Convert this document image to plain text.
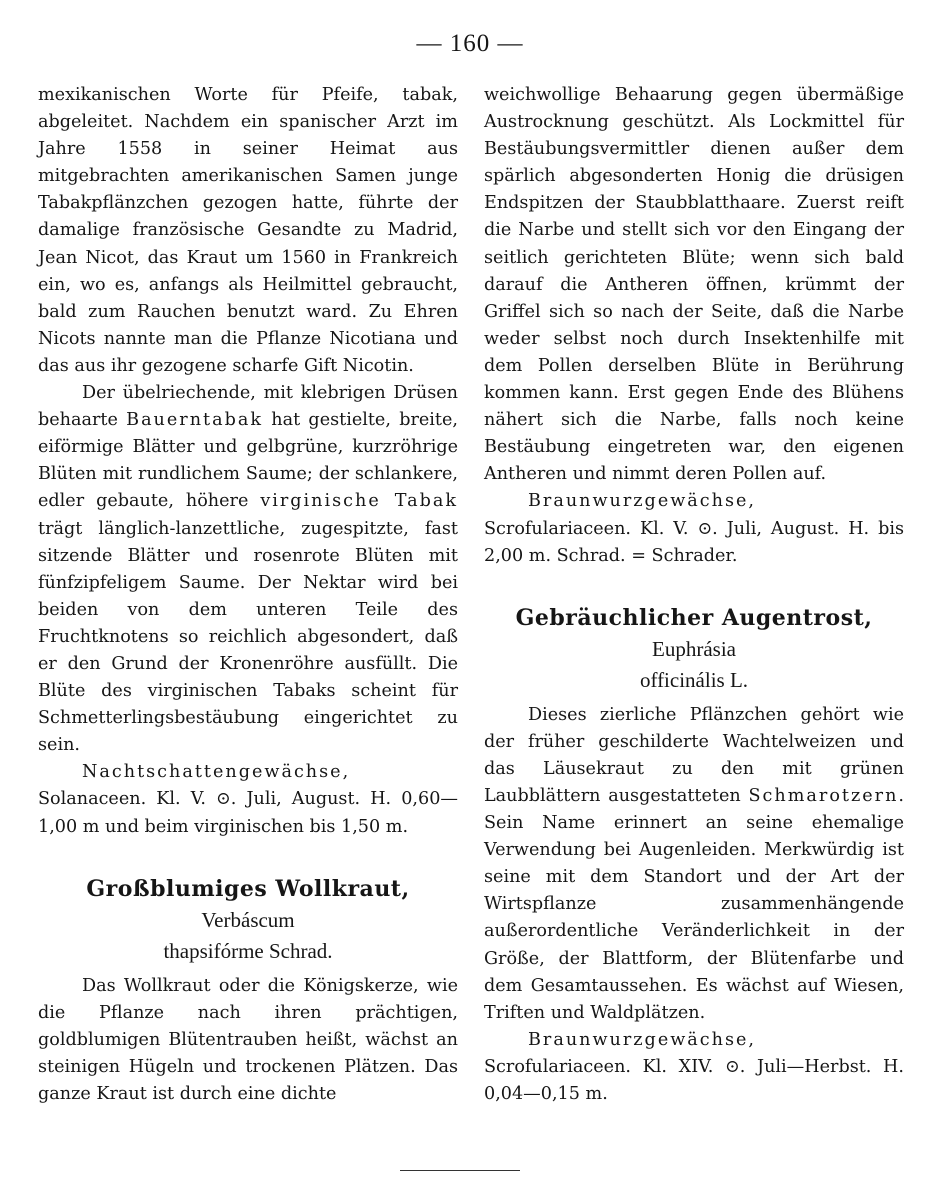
— 160 —

mexikanischen Worte für Pfeife, tabak, abgeleitet. Nachdem ein spanischer Arzt im Jahre 1558 in seiner Heimat aus mitgebrachten amerikanischen Samen junge Tabakpflänzchen gezogen hatte, führte der damalige französische Gesandte zu Madrid, Jean Nicot, das Kraut um 1560 in Frankreich ein, wo es, anfangs als Heilmittel gebraucht, bald zum Rauchen benutzt ward. Zu Ehren Nicots nannte man die Pflanze Nicotiana und das aus ihr gezogene scharfe Gift Nicotin.

Der übelriechende, mit klebrigen Drüsen behaarte Bauerntabak hat gestielte, breite, eiförmige Blätter und gelbgrüne, kurzröhrige Blüten mit rundlichem Saume; der schlankere, edler gebaute, höhere virginische Tabak trägt länglich-lanzettliche, zugespitzte, fast sitzende Blätter und rosenrote Blüten mit fünfzipfeligem Saume. Der Nektar wird bei beiden von dem unteren Teile des Fruchtknotens so reichlich abgesondert, daß er den Grund der Kronenröhre ausfüllt. Die Blüte des virginischen Tabaks scheint für Schmetterlingsbestäubung eingerichtet zu sein.

Nachtschattengewächse, Solanaceen. Kl. V. ⊙. Juli, August. H. 0,60—1,00 m und beim virginischen bis 1,50 m.

Großblumiges Wollkraut, Verbáscum
thapsifórme Schrad.

Das Wollkraut oder die Königskerze, wie die Pflanze nach ihren prächtigen, goldblumigen Blütentrauben heißt, wächst an steinigen Hügeln und trockenen Plätzen. Das ganze Kraut ist durch eine dichte

weichwollige Behaarung gegen übermäßige Austrocknung geschützt. Als Lockmittel für Bestäubungsvermittler dienen außer dem spärlich abgesonderten Honig die drüsigen Endspitzen der Staubblatthaare. Zuerst reift die Narbe und stellt sich vor den Eingang der seitlich gerichteten Blüte; wenn sich bald darauf die Antheren öffnen, krümmt der Griffel sich so nach der Seite, daß die Narbe weder selbst noch durch Insektenhilfe mit dem Pollen derselben Blüte in Berührung kommen kann. Erst gegen Ende des Blühens nähert sich die Narbe, falls noch keine Bestäubung eingetreten war, den eigenen Antheren und nimmt deren Pollen auf.

Braunwurzgewächse, Scrofulariaceen. Kl. V. ⊙. Juli, August. H. bis 2,00 m. Schrad. = Schrader.

Gebräuchlicher Augentrost, Euphrásia
officinális L.

Dieses zierliche Pflänzchen gehört wie der früher geschilderte Wachtelweizen und das Läusekraut zu den mit grünen Laubblättern ausgestatteten Schmarotzern. Sein Name erinnert an seine ehemalige Verwendung bei Augenleiden. Merkwürdig ist seine mit dem Standort und der Art der Wirtspflanze zusammenhängende außerordentliche Veränderlichkeit in der Größe, der Blattform, der Blütenfarbe und dem Gesamtaussehen. Es wächst auf Wiesen, Triften und Waldplätzen.

Braunwurzgewächse, Scrofulariaceen. Kl. XIV. ⊙. Juli—Herbst. H. 0,04—0,15 m.
